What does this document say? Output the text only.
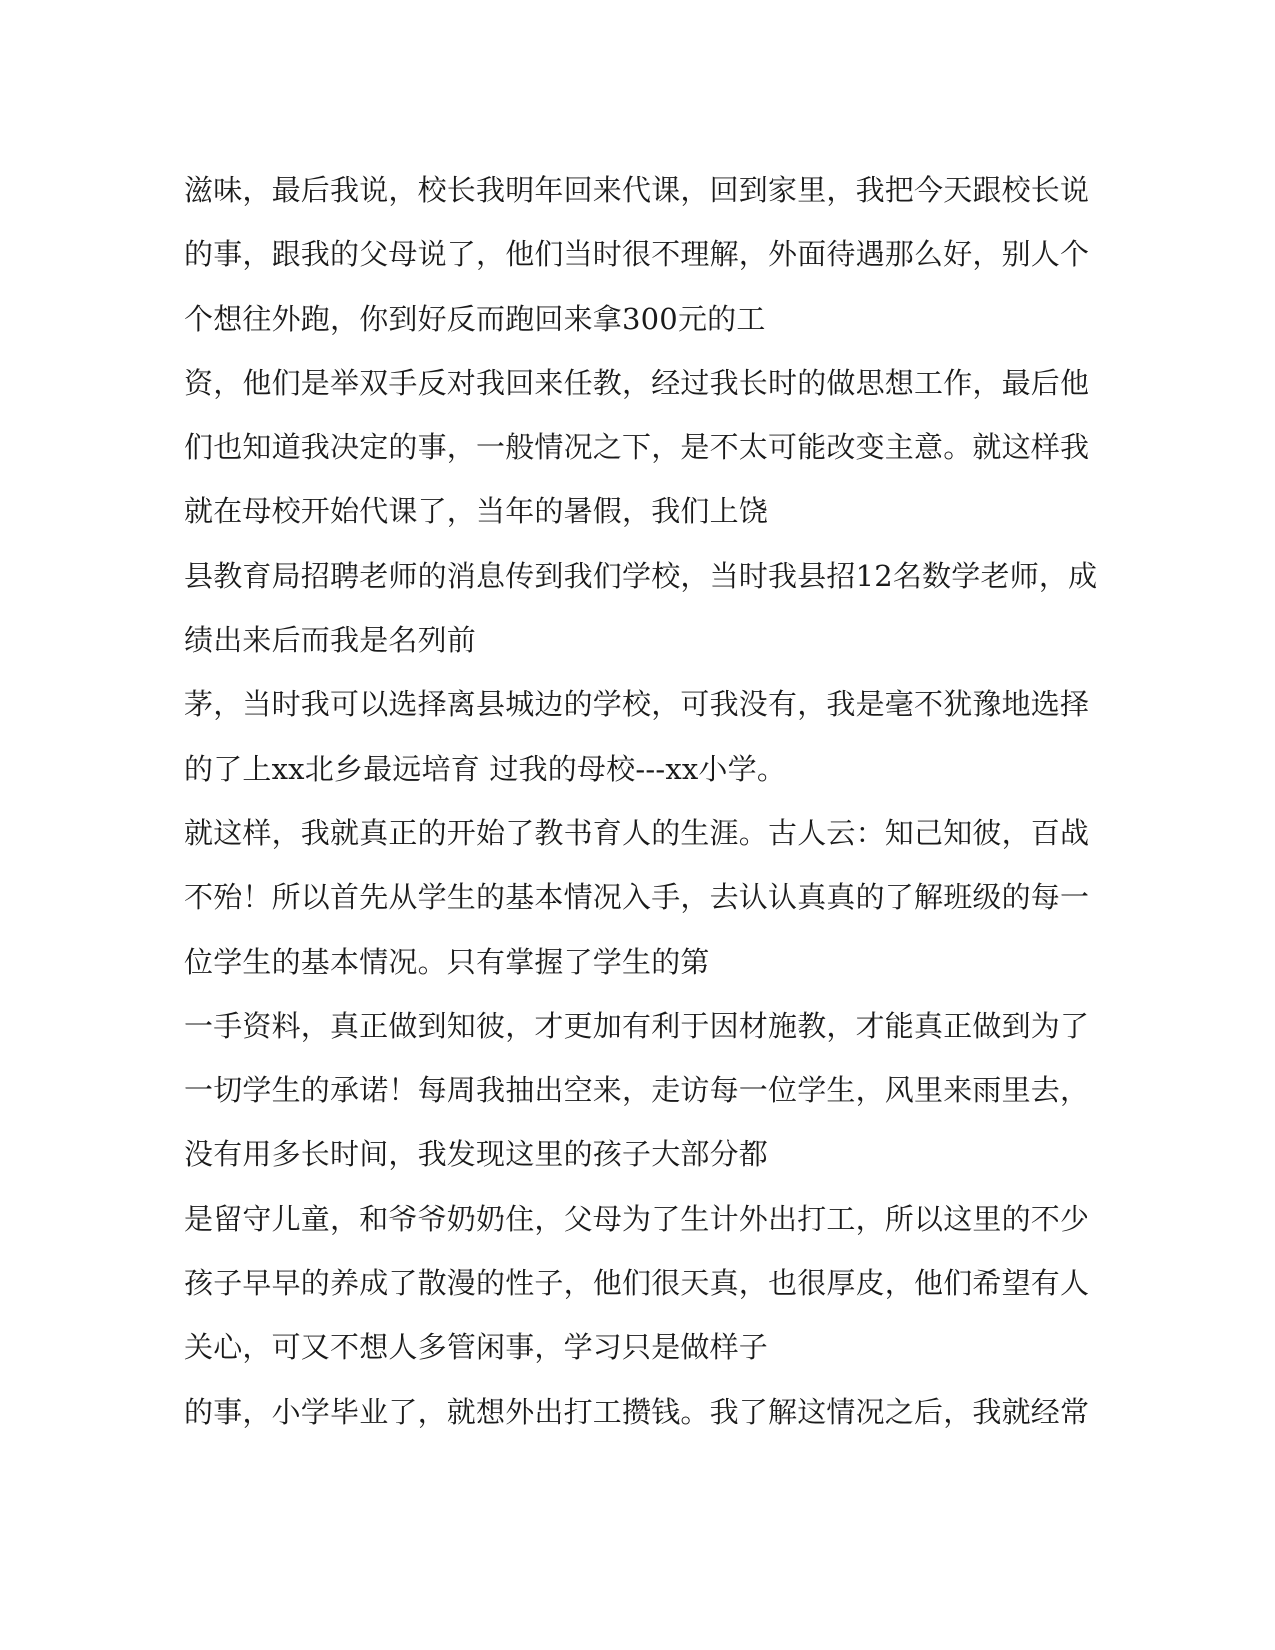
滋味，最后我说，校长我明年回来代课，回到家里，我把今天跟校长说
的事，跟我的父母说了，他们当时很不理解，外面待遇那么好，别人个
个想往外跑，你到好反而跑回来拿300元的工
资，他们是举双手反对我回来任教，经过我长时的做思想工作，最后他
们也知道我决定的事，一般情况之下，是不太可能改变主意。就这样我
就在母校开始代课了，当年的暑假，我们上饶
县教育局招聘老师的消息传到我们学校，当时我县招12名数学老师，成
绩出来后而我是名列前
茅，当时我可以选择离县城边的学校，可我没有，我是毫不犹豫地选择
的了上xx北乡最远培育 过我的母校---xx小学。
就这样，我就真正的开始了教书育人的生涯。古人云：知己知彼，百战
不殆！所以首先从学生的基本情况入手，去认认真真的了解班级的每一
位学生的基本情况。只有掌握了学生的第
一手资料，真正做到知彼，才更加有利于因材施教，才能真正做到为了
一切学生的承诺！每周我抽出空来，走访每一位学生，风里来雨里去，
没有用多长时间，我发现这里的孩子大部分都
是留守儿童，和爷爷奶奶住，父母为了生计外出打工，所以这里的不少
孩子早早的养成了散漫的性子，他们很天真，也很厚皮，他们希望有人
关心，可又不想人多管闲事，学习只是做样子
的事，小学毕业了，就想外出打工攒钱。我了解这情况之后，我就经常
